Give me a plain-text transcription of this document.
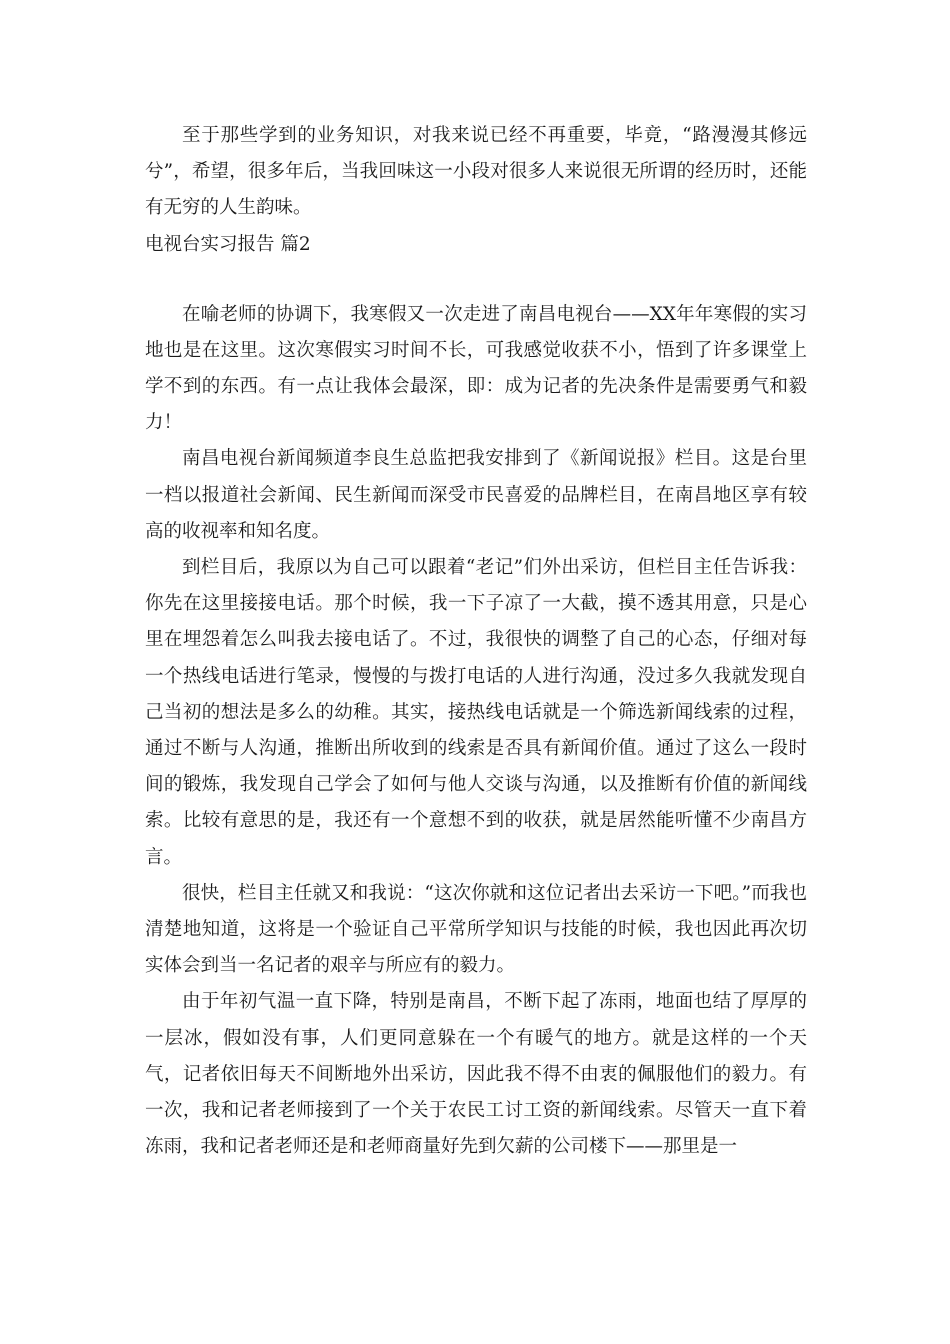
至于那些学到的业务知识，对我来说已经不再重要，毕竟，“路漫漫其修远兮”，希望，很多年后，当我回味这一小段对很多人来说很无所谓的经历时，还能有无穷的人生韵味。

电视台实习报告 篇2

在喻老师的协调下，我寒假又一次走进了南昌电视台——XX年年寒假的实习地也是在这里。这次寒假实习时间不长，可我感觉收获不小，悟到了许多课堂上学不到的东西。有一点让我体会最深，即：成为记者的先决条件是需要勇气和毅力！

南昌电视台新闻频道李良生总监把我安排到了《新闻说报》栏目。这是台里一档以报道社会新闻、民生新闻而深受市民喜爱的品牌栏目，在南昌地区享有较高的收视率和知名度。

到栏目后，我原以为自己可以跟着“老记”们外出采访，但栏目主任告诉我：你先在这里接接电话。那个时候，我一下子凉了一大截，摸不透其用意，只是心里在埋怨着怎么叫我去接电话了。不过，我很快的调整了自己的心态，仔细对每一个热线电话进行笔录，慢慢的与拨打电话的人进行沟通，没过多久我就发现自己当初的想法是多么的幼稚。其实，接热线电话就是一个筛选新闻线索的过程，通过不断与人沟通，推断出所收到的线索是否具有新闻价值。通过了这么一段时间的锻炼，我发现自己学会了如何与他人交谈与沟通，以及推断有价值的新闻线索。比较有意思的是，我还有一个意想不到的收获，就是居然能听懂不少南昌方言。

很快，栏目主任就又和我说：“这次你就和这位记者出去采访一下吧。”而我也清楚地知道，这将是一个验证自己平常所学知识与技能的时候，我也因此再次切实体会到当一名记者的艰辛与所应有的毅力。

由于年初气温一直下降，特别是南昌，不断下起了冻雨，地面也结了厚厚的一层冰，假如没有事，人们更同意躲在一个有暖气的地方。就是这样的一个天气，记者依旧每天不间断地外出采访，因此我不得不由衷的佩服他们的毅力。有一次，我和记者老师接到了一个关于农民工讨工资的新闻线索。尽管天一直下着冻雨，我和记者老师还是和老师商量好先到欠薪的公司楼下——那里是一
